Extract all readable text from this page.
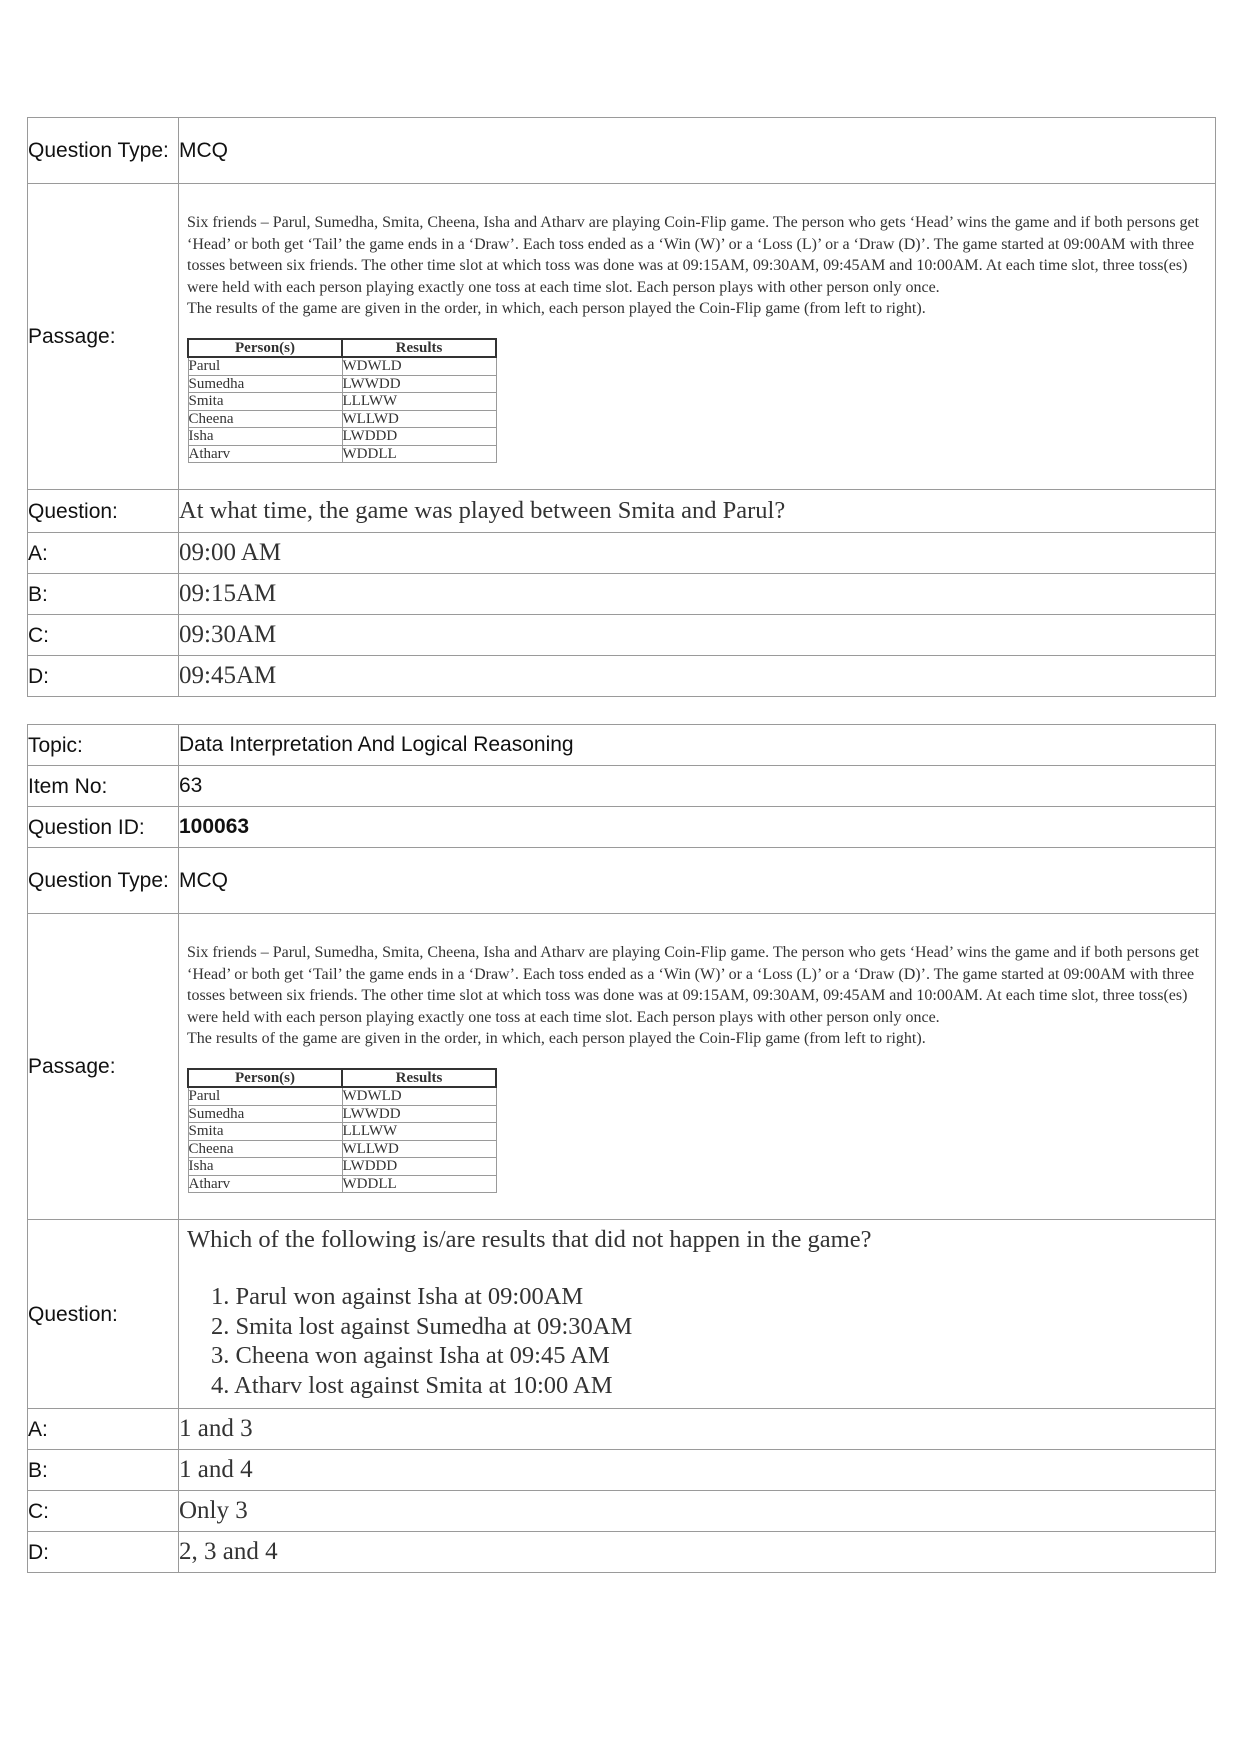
Question Type:	MCQ
Passage:	

Six friends – Parul, Sumedha, Smita, Cheena, Isha and Atharv are playing Coin-Flip game. The person who gets ‘Head’ wins the game and if both persons get ‘Head’ or both get ‘Tail’ the game ends in a ‘Draw’. Each toss ended as a ‘Win (W)’ or a ‘Loss (L)’ or a ‘Draw (D)’. The game started at 09:00AM with three tosses between six friends. The other time slot at which toss was done was at 09:15AM, 09:30AM, 09:45AM and 10:00AM. At each time slot, three toss(es) were held with each person playing exactly one toss at each time slot. Each person plays with other person only once.

The results of the game are given in the order, in which, each person played the Coin-Flip game (from left to right).

Person(s)	Results
Parul	WDWLD
Sumedha	LWWDD
Smita	LLLWW
Cheena	WLLWD
Isha	LWDDD
Atharv	WDDLL

Question:	At what time, the game was played between Smita and Parul?
A:	09:00 AM
B:	09:15AM
C:	09:30AM
D:	09:45AM
Topic:	Data Interpretation And Logical Reasoning
Item No:	63
Question ID:	100063
Question Type:	MCQ
Passage:	

Six friends – Parul, Sumedha, Smita, Cheena, Isha and Atharv are playing Coin-Flip game. The person who gets ‘Head’ wins the game and if both persons get ‘Head’ or both get ‘Tail’ the game ends in a ‘Draw’. Each toss ended as a ‘Win (W)’ or a ‘Loss (L)’ or a ‘Draw (D)’. The game started at 09:00AM with three tosses between six friends. The other time slot at which toss was done was at 09:15AM, 09:30AM, 09:45AM and 10:00AM. At each time slot, three toss(es) were held with each person playing exactly one toss at each time slot. Each person plays with other person only once.

The results of the game are given in the order, in which, each person played the Coin-Flip game (from left to right).

Person(s)	Results
Parul	WDWLD
Sumedha	LWWDD
Smita	LLLWW
Cheena	WLLWD
Isha	LWDDD
Atharv	WDDLL

Question:	
Which of the following is/are results that did not happen in the game?
1. Parul won against Isha at 09:00AM
2. Smita lost against Sumedha at 09:30AM
3. Cheena won against Isha at 09:45 AM
4. Atharv lost against Smita at 10:00 AM

A:	1 and 3
B:	1 and 4
C:	Only 3
D:	2, 3 and 4
